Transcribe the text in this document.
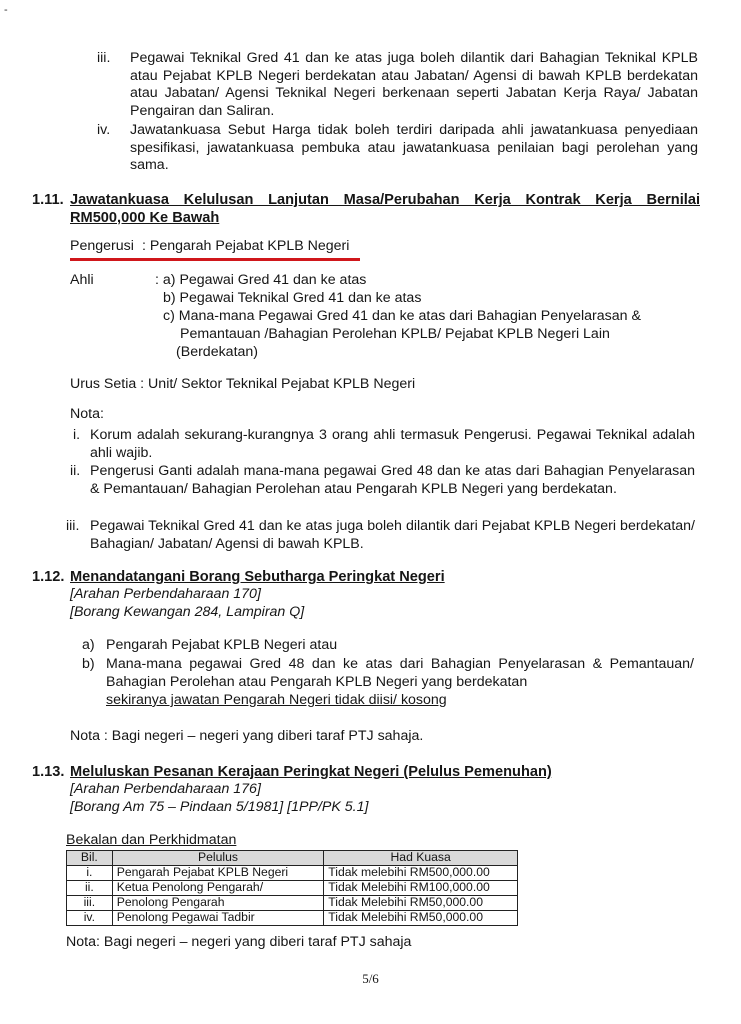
-
iii. Pegawai Teknikal Gred 41 dan ke atas juga boleh dilantik dari Bahagian Teknikal KPLB atau Pejabat KPLB Negeri berdekatan atau Jabatan/ Agensi di bawah KPLB berdekatan atau Jabatan/ Agensi Teknikal Negeri berkenaan seperti Jabatan Kerja Raya/ Jabatan Pengairan dan Saliran.
iv. Jawatankuasa Sebut Harga tidak boleh terdiri daripada ahli jawatankuasa penyediaan spesifikasi, jawatankuasa pembuka atau jawatankuasa penilaian bagi perolehan yang sama.
1.11. Jawatankuasa Kelulusan Lanjutan Masa/Perubahan Kerja Kontrak Kerja Bernilai RM500,000 Ke Bawah
Pengerusi : Pengarah Pejabat KPLB Negeri
Ahli	: a) Pegawai Gred 41 dan ke atas
b) Pegawai Teknikal Gred 41 dan ke atas
c) Mana-mana Pegawai Gred 41 dan ke atas dari Bahagian Penyelarasan &
Pemantauan /Bahagian Perolehan KPLB/ Pejabat KPLB Negeri Lain
(Berdekatan)
Urus Setia : Unit/ Sektor Teknikal Pejabat KPLB Negeri
Nota:
i. Korum adalah sekurang-kurangnya 3 orang ahli termasuk Pengerusi. Pegawai Teknikal adalah ahli wajib.
ii. Pengerusi Ganti adalah mana-mana pegawai Gred 48 dan ke atas dari Bahagian Penyelarasan & Pemantauan/ Bahagian Perolehan atau Pengarah KPLB Negeri yang berdekatan.
iii. Pegawai Teknikal Gred 41 dan ke atas juga boleh dilantik dari Pejabat KPLB Negeri berdekatan/ Bahagian/ Jabatan/ Agensi di bawah KPLB.
1.12. Menandatangani Borang Sebutharga Peringkat Negeri
[Arahan Perbendaharaan 170]
[Borang Kewangan 284, Lampiran Q]
a) Pengarah Pejabat KPLB Negeri atau
b) Mana-mana pegawai Gred 48 dan ke atas dari Bahagian Penyelarasan & Pemantauan/ Bahagian Perolehan atau Pengarah KPLB Negeri yang berdekatan
sekiranya jawatan Pengarah Negeri tidak diisi/ kosong
Nota : Bagi negeri – negeri yang diberi taraf PTJ sahaja.
1.13. Meluluskan Pesanan Kerajaan Peringkat Negeri (Pelulus Pemenuhan)
[Arahan Perbendaharaan 176]
[Borang Am 75 – Pindaan 5/1981] [1PP/PK 5.1]
Bekalan dan Perkhidmatan
Bil.	Pelulus	Had Kuasa
i.	Pengarah Pejabat KPLB Negeri	Tidak melebihi RM500,000.00
ii.	Ketua Penolong Pengarah/	Tidak Melebihi RM100,000.00
iii.	Penolong Pengarah	Tidak Melebihi RM50,000.00
iv.	Penolong Pegawai Tadbir	Tidak Melebihi RM50,000.00
Nota: Bagi negeri – negeri yang diberi taraf PTJ sahaja
5/6
